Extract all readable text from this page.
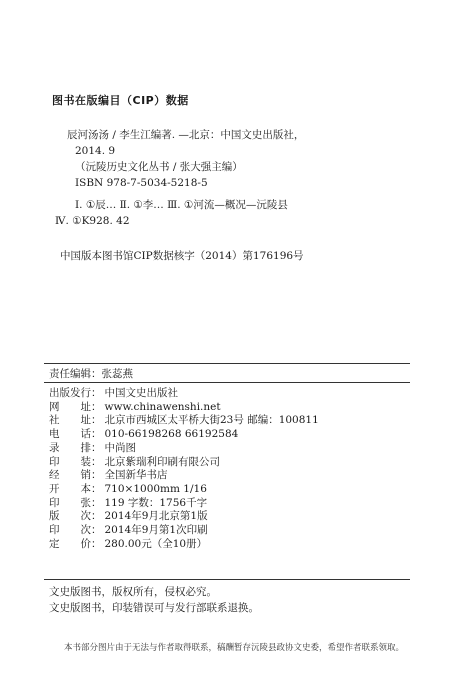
图书在版编目（CIP）数据
辰河汤汤 / 李生江编著. —北京：中国文史出版社，
2014. 9
（沅陵历史文化丛书 / 张大强主编）
ISBN 978-7-5034-5218-5
Ⅰ. ①辰… Ⅱ. ①李… Ⅲ. ①河流—概况—沅陵县
Ⅳ. ①K928. 42
中国版本图书馆CIP数据核字（2014）第176196号
责任编辑：张蕊燕
出版发行 ： 中国文史出版社
网址 ： www.chinawenshi.net
社址 ： 北京市西城区太平桥大街23号 邮编：100811
电话 ： 010-66198268 66192584
录排 ： 中尚图
印装 ： 北京紫瑞利印刷有限公司
经销 ： 全国新华书店
开本 ： 710×1000mm 1/16
印张 ： 119 字数：1756千字
版次 ： 2014年9月北京第1版
印次 ： 2014年9月第1次印刷
定价 ： 280.00元（全10册）
文史版图书，版权所有，侵权必究。
文史版图书，印装错误可与发行部联系退换。
本书部分图片由于无法与作者取得联系，稿酬暂存沅陵县政协文史委，希望作者联系领取。
